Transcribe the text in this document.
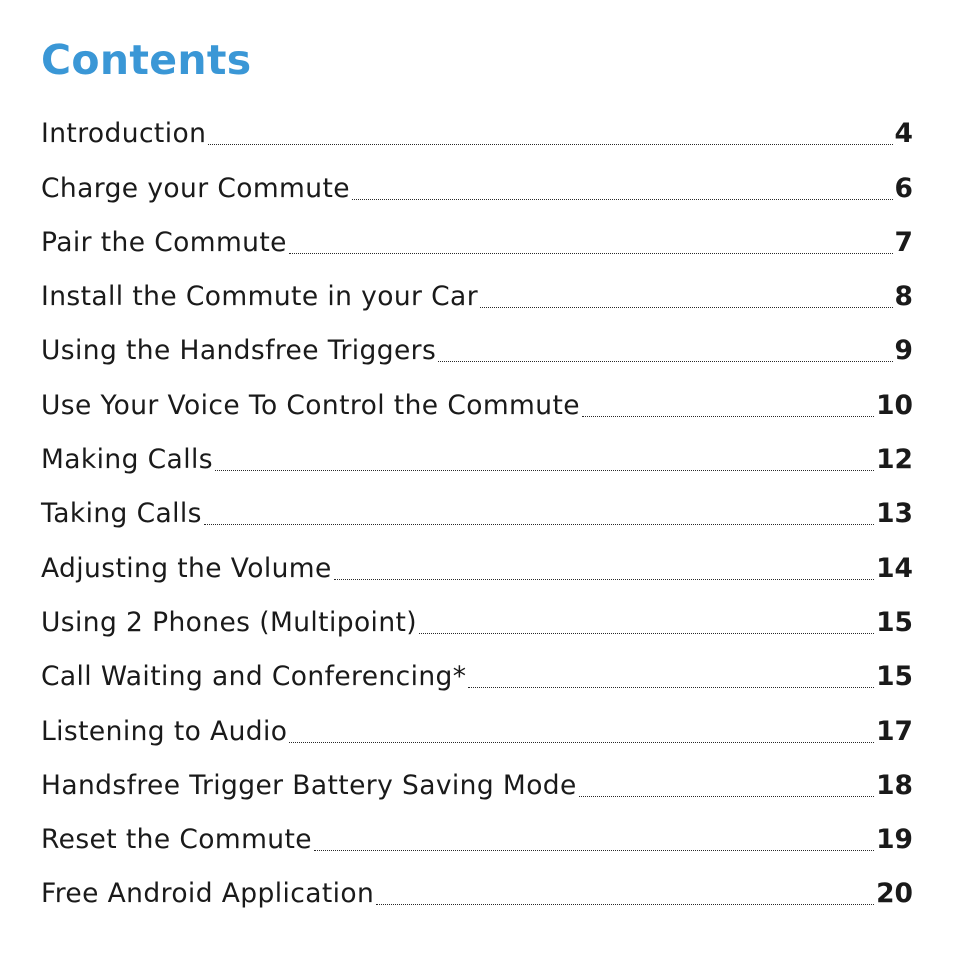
Contents
Introduction	4
Charge your Commute	6
Pair the Commute	7
Install the Commute in your Car	8
Using the Handsfree Triggers	9
Use Your Voice To Control the Commute	10
Making Calls	12
Taking Calls	13
Adjusting the Volume	14
Using 2 Phones (Multipoint)	15
Call Waiting and Conferencing*	15
Listening to Audio	17
Handsfree Trigger Battery Saving Mode	18
Reset the Commute	19
Free Android Application	20
